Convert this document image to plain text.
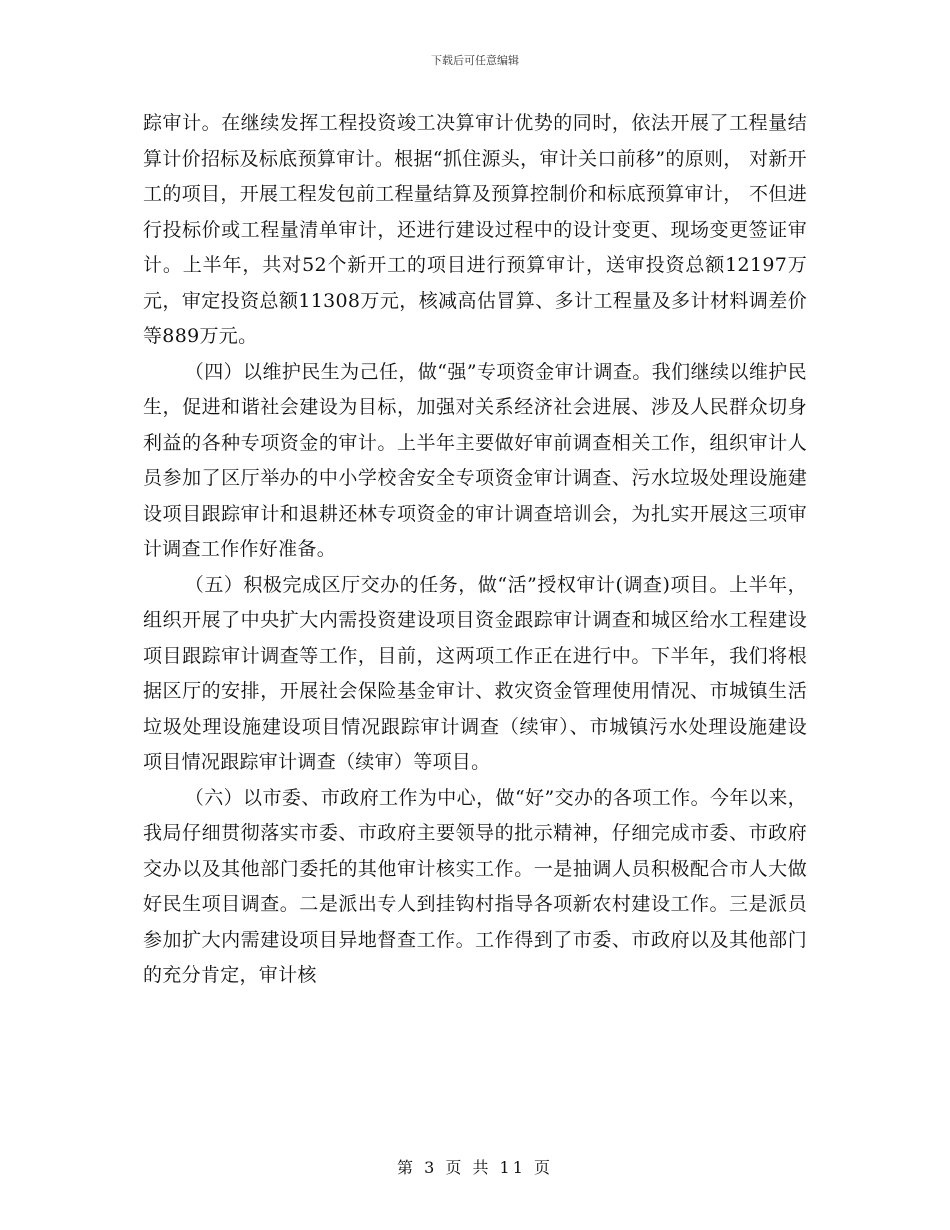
下载后可任意编辑

踪审计。在继续发挥工程投资竣工决算审计优势的同时，依法开展了工程量结算计价招标及标底预算审计。根据“抓住源头，审计关口前移”的原则， 对新开工的项目，开展工程发包前工程量结算及预算控制价和标底预算审计， 不但进行投标价或工程量清单审计，还进行建设过程中的设计变更、现场变更签证审计。上半年，共对52个新开工的项目进行预算审计，送审投资总额12197万元，审定投资总额11308万元，核减高估冒算、多计工程量及多计材料调差价等889万元。

（四）以维护民生为己任，做“强”专项资金审计调查。我们继续以维护民生，促进和谐社会建设为目标，加强对关系经济社会进展、涉及人民群众切身利益的各种专项资金的审计。上半年主要做好审前调查相关工作，组织审计人员参加了区厅举办的中小学校舍安全专项资金审计调查、污水垃圾处理设施建设项目跟踪审计和退耕还林专项资金的审计调查培训会，为扎实开展这三项审计调查工作作好准备。

（五）积极完成区厅交办的任务，做“活”授权审计(调查)项目。上半年，组织开展了中央扩大内需投资建设项目资金跟踪审计调查和城区给水工程建设项目跟踪审计调查等工作，目前，这两项工作正在进行中。下半年，我们将根据区厅的安排，开展社会保险基金审计、救灾资金管理使用情况、市城镇生活垃圾处理设施建设项目情况跟踪审计调查（续审）、市城镇污水处理设施建设项目情况跟踪审计调查（续审）等项目。

（六）以市委、市政府工作为中心，做“好”交办的各项工作。今年以来，我局仔细贯彻落实市委、市政府主要领导的批示精神，仔细完成市委、市政府交办以及其他部门委托的其他审计核实工作。一是抽调人员积极配合市人大做好民生项目调查。二是派出专人到挂钩村指导各项新农村建设工作。三是派员参加扩大内需建设项目异地督查工作。工作得到了市委、市政府以及其他部门的充分肯定，审计核

第 3 页 共 11 页
